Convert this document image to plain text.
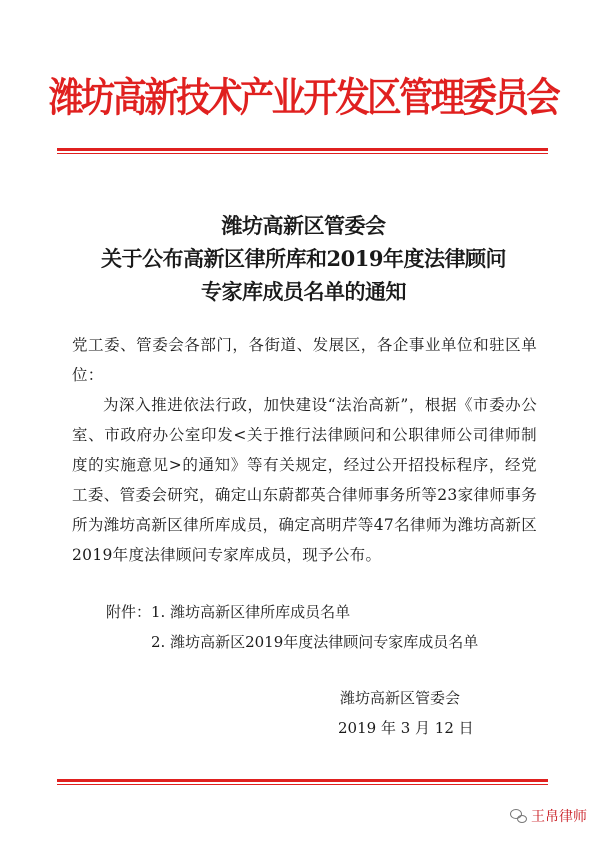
潍坊高新技术产业开发区管理委员会
潍坊高新区管委会
关于公布高新区律所库和2019年度法律顾问
专家库成员名单的通知

党工委、管委会各部门，各街道、发展区，各企事业单位和驻区单位：

为深入推进依法行政，加快建设“法治高新”，根据《市委办公室、市政府办公室印发<关于推行法律顾问和公职律师公司律师制度的实施意见>的通知》等有关规定，经过公开招投标程序，经党工委、管委会研究，确定山东蔚都英合律师事务所等23家律师事务所为潍坊高新区律所库成员，确定高明芹等47名律师为潍坊高新区2019年度法律顾问专家库成员，现予公布。

附件：1. 潍坊高新区律所库成员名单
2. 潍坊高新区2019年度法律顾问专家库成员名单
潍坊高新区管委会
2019 年 3 月 12 日
王帛律师
